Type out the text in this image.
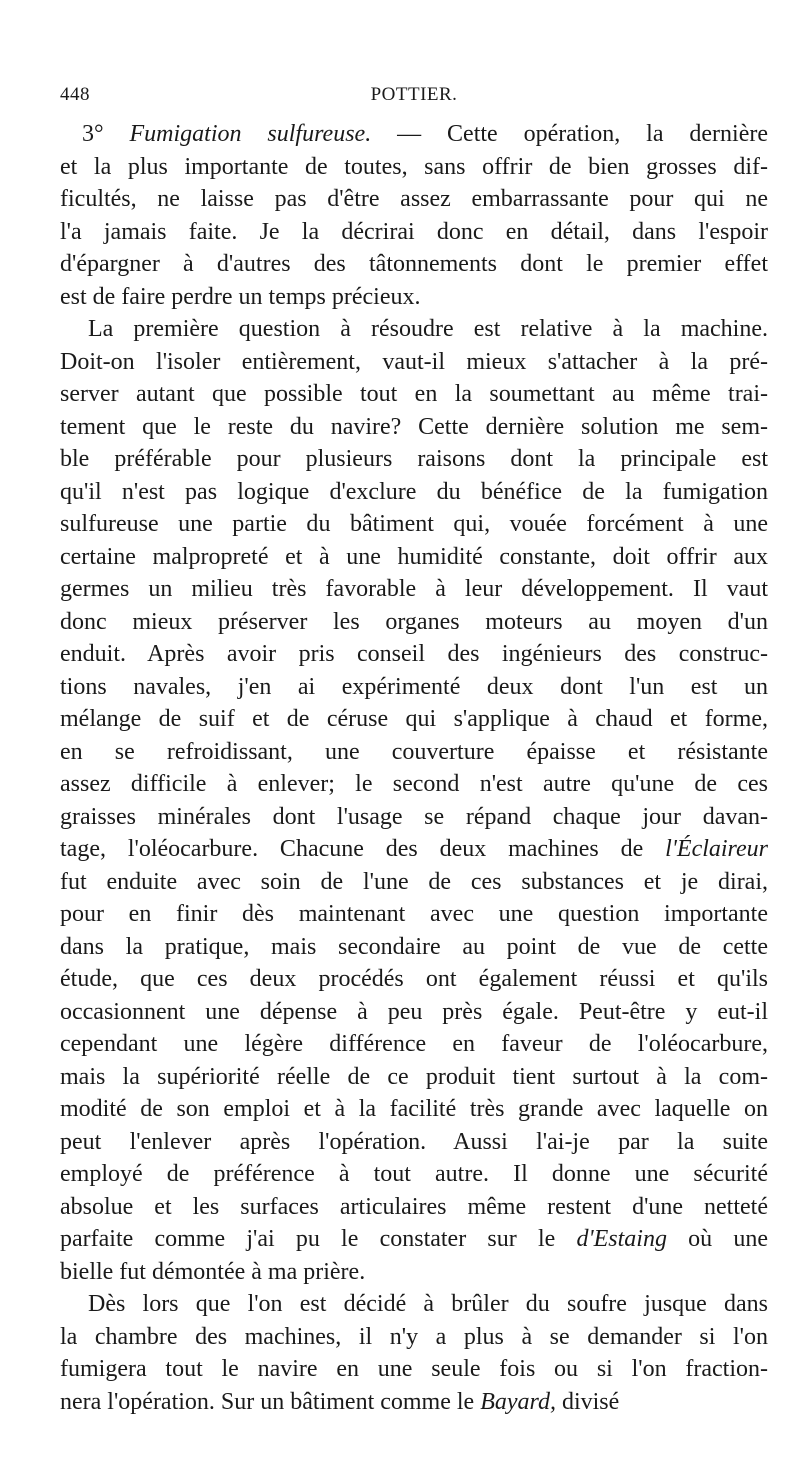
448	POTTIER.
3° Fumigation sulfureuse. — Cette opération, la dernière
et la plus importante de toutes, sans offrir de bien grosses dif-
ficultés, ne laisse pas d'être assez embarrassante pour qui ne
l'a jamais faite. Je la décrirai donc en détail, dans l'espoir
d'épargner à d'autres des tâtonnements dont le premier effet
est de faire perdre un temps précieux.
La première question à résoudre est relative à la machine.
Doit-on l'isoler entièrement, vaut-il mieux s'attacher à la pré-
server autant que possible tout en la soumettant au même trai-
tement que le reste du navire? Cette dernière solution me sem-
ble préférable pour plusieurs raisons dont la principale est
qu'il n'est pas logique d'exclure du bénéfice de la fumigation
sulfureuse une partie du bâtiment qui, vouée forcément à une
certaine malpropreté et à une humidité constante, doit offrir aux
germes un milieu très favorable à leur développement. Il vaut
donc mieux préserver les organes moteurs au moyen d'un
enduit. Après avoir pris conseil des ingénieurs des construc-
tions navales, j'en ai expérimenté deux dont l'un est un
mélange de suif et de céruse qui s'applique à chaud et forme,
en se refroidissant, une couverture épaisse et résistante
assez difficile à enlever; le second n'est autre qu'une de ces
graisses minérales dont l'usage se répand chaque jour davan-
tage, l'oléocarbure. Chacune des deux machines de l'Éclaireur
fut enduite avec soin de l'une de ces substances et je dirai,
pour en finir dès maintenant avec une question importante
dans la pratique, mais secondaire au point de vue de cette
étude, que ces deux procédés ont également réussi et qu'ils
occasionnent une dépense à peu près égale. Peut-être y eut-il
cependant une légère différence en faveur de l'oléocarbure,
mais la supériorité réelle de ce produit tient surtout à la com-
modité de son emploi et à la facilité très grande avec laquelle on
peut l'enlever après l'opération. Aussi l'ai-je par la suite
employé de préférence à tout autre. Il donne une sécurité
absolue et les surfaces articulaires même restent d'une netteté
parfaite comme j'ai pu le constater sur le d'Estaing où une
bielle fut démontée à ma prière.
Dès lors que l'on est décidé à brûler du soufre jusque dans
la chambre des machines, il n'y a plus à se demander si l'on
fumigera tout le navire en une seule fois ou si l'on fraction-
nera l'opération. Sur un bâtiment comme le Bayard, divisé
